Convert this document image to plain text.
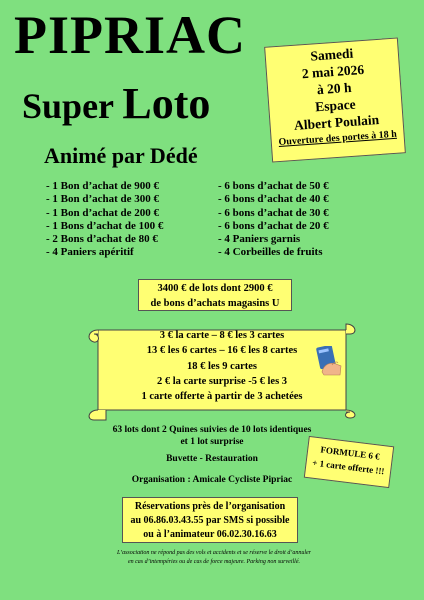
PIPRIAC
Super Loto
Animé par Dédé
Samedi
2 mai 2026
à 20 h
Espace
Albert Poulain
Ouverture des portes à 18 h
- 1 Bon d’achat de 900 €
- 1 Bon d’achat de 300 €
- 1 Bon d’achat de 200 €
- 1 Bons d’achat de 100 €
- 2 Bons d’achat de 80 €
- 4 Paniers apéritif
- 6 bons d’achat de 50 €
- 6 bons d’achat de 40 €
- 6 bons d’achat de 30 €
- 6 bons d’achat de 20 €
- 4 Paniers garnis
- 4 Corbeilles de fruits
3400 € de lots dont 2900 €
de bons d’achats magasins U
3 € la carte – 8 € les 3 cartes
13 € les 6 cartes – 16 € les 8 cartes
18 € les 9 cartes
2 € la carte surprise -5 € les 3
1 carte offerte à partir de 3 achetées
63 lots dont 2 Quines suivies de 10 lots identiques
et 1 lot surprise
Buvette - Restauration
Organisation : Amicale Cycliste Pipriac
FORMULE 6 €
+ 1 carte offerte !!!
Réservations près de l’organisation
au 06.86.03.43.55 par SMS si possible
ou à l’animateur 06.02.30.16.63
L’association ne répond pas des vols et accidents et se réserve le droit d’annuler
en cas d’intempéries ou de cas de force majeure. Parking non surveillé.
